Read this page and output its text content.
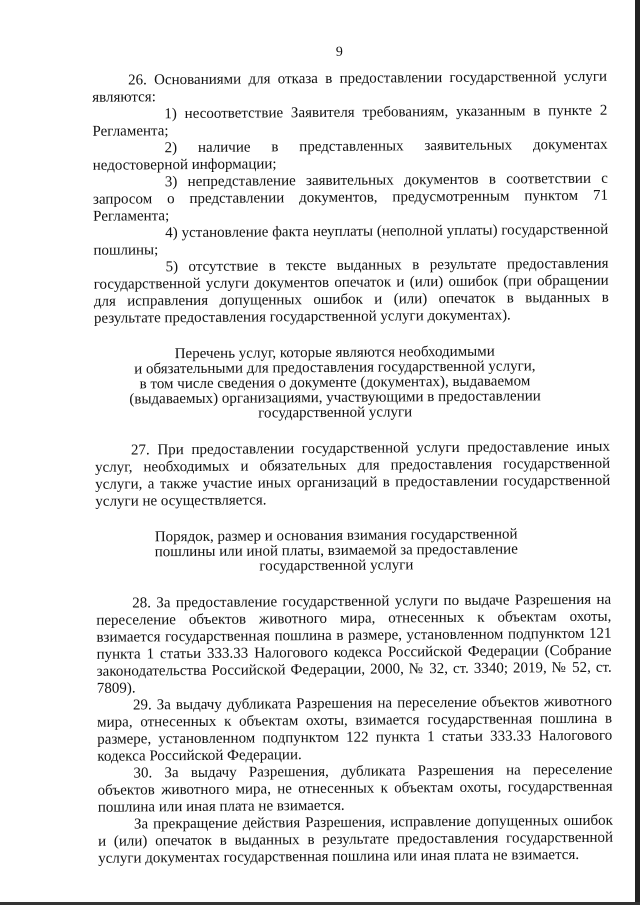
9

26. Основаниями для отказа в предоставлении государственной услуги являются:

1) несоответствие Заявителя требованиям, указанным в пункте 2 Регламента;

2) наличие в представленных заявительных документах недостоверной информации;

3) непредставление заявительных документов в соответствии с запросом о представлении документов, предусмотренным пунктом 71 Регламента;

4) установление факта неуплаты (неполной уплаты) государственной пошлины;

5) отсутствие в тексте выданных в результате предоставления государственной услуги документов опечаток и (или) ошибок (при обращении для исправления допущенных ошибок и (или) опечаток в выданных в результате предоставления государственной услуги документах).

Перечень услуг, которые являются необходимыми
и обязательными для предоставления государственной услуги,
в том числе сведения о документе (документах), выдаваемом
(выдаваемых) организациями, участвующими в предоставлении
государственной услуги

27. При предоставлении государственной услуги предоставление иных услуг, необходимых и обязательных для предоставления государственной услуги, а также участие иных организаций в предоставлении государственной услуги не осуществляется.

Порядок, размер и основания взимания государственной
пошлины или иной платы, взимаемой за предоставление
государственной услуги

28. За предоставление государственной услуги по выдаче Разрешения на переселение объектов животного мира, отнесенных к объектам охоты, взимается государственная пошлина в размере, установленном подпунктом 121 пункта 1 статьи 333.33 Налогового кодекса Российской Федерации (Собрание законодательства Российской Федерации, 2000, № 32, ст. 3340; 2019, № 52, ст. 7809).

29. За выдачу дубликата Разрешения на переселение объектов животного мира, отнесенных к объектам охоты, взимается государственная пошлина в размере, установленном подпунктом 122 пункта 1 статьи 333.33 Налогового кодекса Российской Федерации.

30. За выдачу Разрешения, дубликата Разрешения на переселение объектов животного мира, не отнесенных к объектам охоты, государственная пошлина или иная плата не взимается.

За прекращение действия Разрешения, исправление допущенных ошибок и (или) опечаток в выданных в результате предоставления государственной услуги документах государственная пошлина или иная плата не взимается.
